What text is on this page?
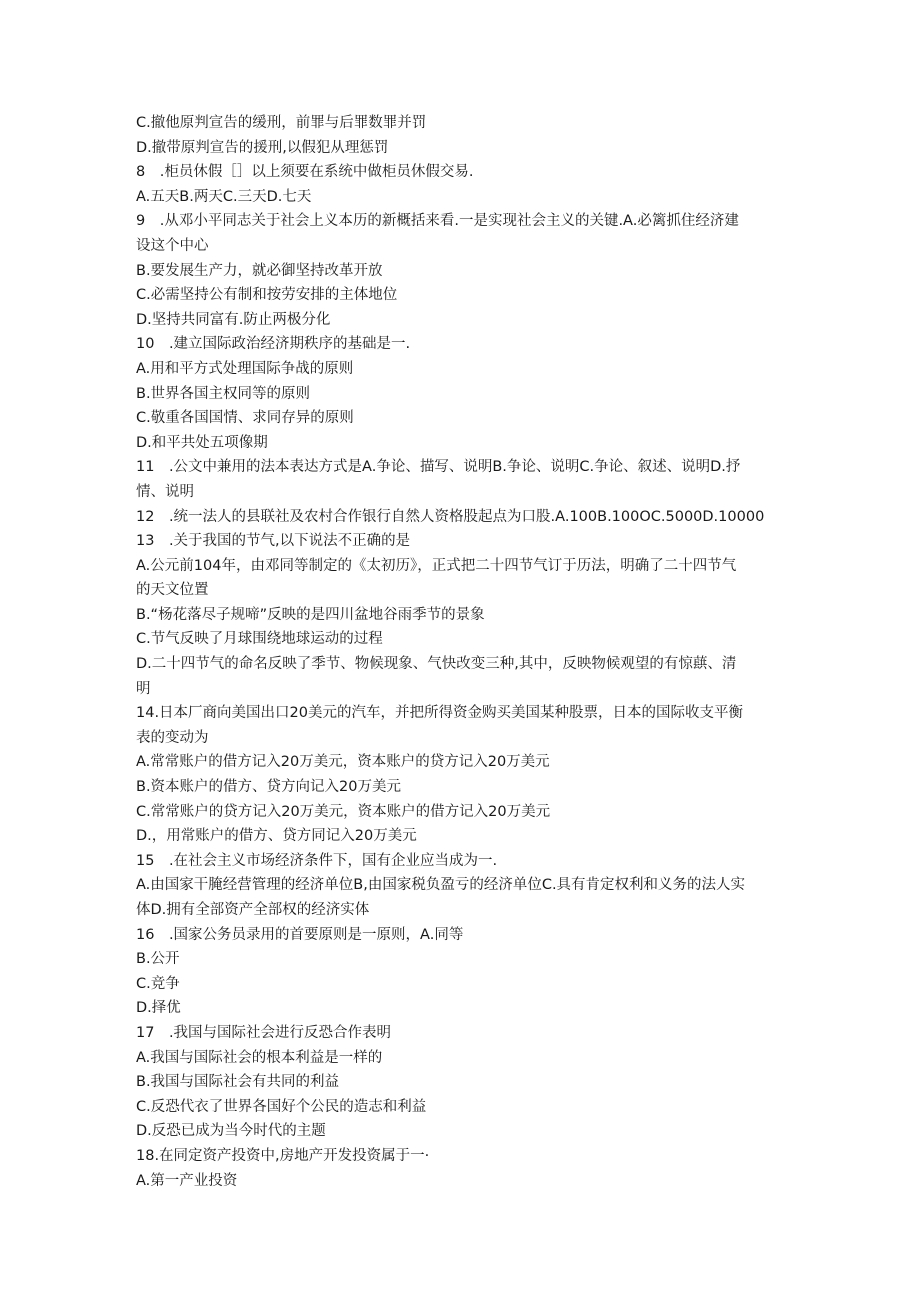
C.撤他原判宣告的缓刑，前罪与后罪数罪并罚
D.撤带原判宣告的援刑,以假犯从理惩罚
8　.柜员休假［］以上须要在系统中做柜员休假交易.
A.五天B.两天C.三天D.七天
9　.从邓小平同志关于社会上义本历的新概括来看.一是实现社会主义的关键.A.必篱抓住经济建
设这个中心
B.要发展生产力，就必御坚持改革开放
C.必需坚持公有制和按劳安排的主体地位
D.坚持共同富有.防止两极分化
10　.建立国际政治经济期秩序的基础是一.
A.用和平方式处理国际争战的原则
B.世界各国主权同等的原则
C.敬重各国国情、求同存异的原则
D.和平共处五项像期
11　.公文中兼用的法本表达方式是A.争论、描写、说明B.争论、说明C.争论、叙述、说明D.抒
情、说明
12　.统一法人的县联社及农村合作银行自然人资格股起点为口股.A.100B.100OC.5000D.10000
13　.关于我国的节气,以下说法不正确的是
A.公元前104年，由邓同等制定的《太初历》，正式把二十四节气订于历法，明确了二十四节气
的天文位置
B.“杨花落尽子规啼”反映的是四川盆地谷雨季节的景象
C.节气反映了月球围绕地球运动的过程
D.二十四节气的命名反映了季节、物候现象、气快改变三种,其中，反映物候观望的有惊蕻、清
明
14.日本厂商向美国出口20美元的汽车，并把所得资金购买美国某种股票，日本的国际收支平衡
表的变动为
A.常常账户的借方记入20万美元，资本账户的贷方记入20万美元
B.资本账户的借方、贷方向记入20万美元
C.常常账户的贷方记入20万美元，资本账户的借方记入20万美元
D.，用常账户的借方、贷方同记入20万美元
15　.在社会主义市场经济条件下，国有企业应当成为一.
A.由国家干腌经营管理的经济单位B,由国家税负盈亏的经济单位C.具有肯定权利和义务的法人实
体D.拥有全部资产全部权的经济实体
16　.国家公务员录用的首要原则是一原则，A.同等
B.公开
C.竞争
D.择优
17　.我国与国际社会进行反恐合作表明
A.我国与国际社会的根本利益是一样的
B.我国与国际社会有共同的利益
C.反恐代衣了世界各国好个公民的造志和利益
D.反恐已成为当今时代的主题
18.在同定资产投资中,房地产开发投资属于一·
A.第一产业投资
